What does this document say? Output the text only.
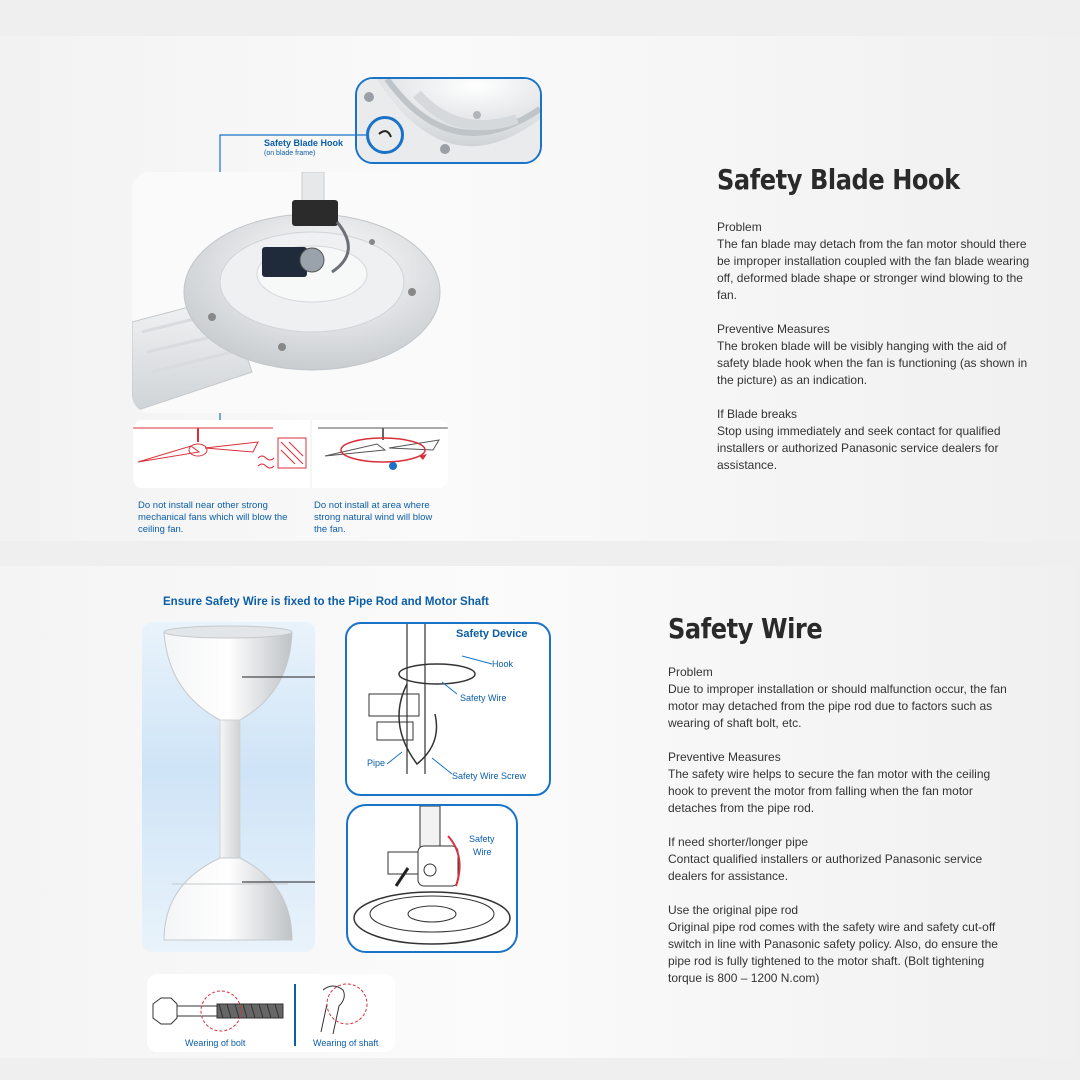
Safety Blade Hook
(on blade frame)
Do not install near other strong mechanical fans which will blow the ceiling fan.
Do not install at area where strong natural wind will blow the fan.
Safety Blade Hook

Problem
The fan blade may detach from the fan motor should there be improper installation coupled with the fan blade wearing off, deformed blade shape or stronger wind blowing to the fan.

Preventive Measures
The broken blade will be visibly hanging with the aid of safety blade hook when the fan is functioning (as shown in the picture) as an indication.

If Blade breaks
Stop using immediately and seek contact for qualified installers or authorized Panasonic service dealers for assistance.

Ensure Safety Wire is fixed to the Pipe Rod and Motor Shaft
Safety Device
Hook
Safety Wire
Pipe
Safety Wire Screw
Safety
Wire
Wearing of bolt	Wearing of shaft
Safety Wire

Problem
Due to improper installation or should malfunction occur, the fan motor may detached from the pipe rod due to factors such as wearing of shaft bolt, etc.

Preventive Measures
The safety wire helps to secure the fan motor with the ceiling hook to prevent the motor from falling when the fan motor detaches from the pipe rod.

If need shorter/longer pipe
Contact qualified installers or authorized Panasonic service dealers for assistance.

Use the original pipe rod
Original pipe rod comes with the safety wire and safety cut-off switch in line with Panasonic safety policy. Also, do ensure the pipe rod is fully tightened to the motor shaft. (Bolt tightening torque is 800 – 1200 N.com)
